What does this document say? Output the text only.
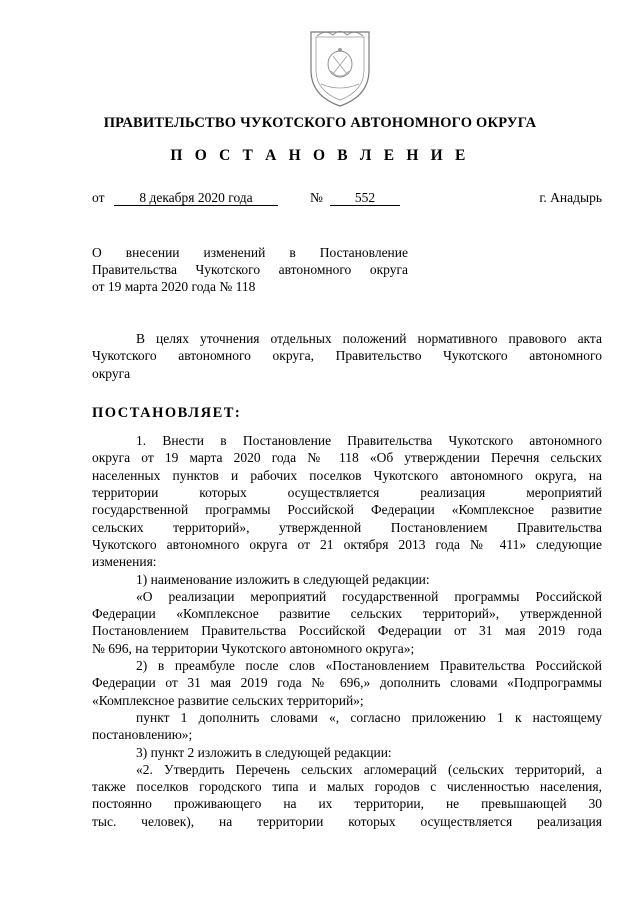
ПРАВИТЕЛЬСТВО ЧУКОТСКОГО АВТОНОМНОГО ОКРУГА
П О С Т А Н О В Л Е Н И Е
от	8 декабря 2020 года	№	552	г. Анадырь
О внесении изменений в Постановление
Правительства Чукотского автономного округа
от 19 марта 2020 года № 118
В целях уточнения отдельных положений нормативного правового акта
Чукотского автономного округа, Правительство Чукотского автономного
округа
ПОСТАНОВЛЯЕТ:
1. Внести в Постановление Правительства Чукотского автономного
округа от 19 марта 2020 года № 118 «Об утверждении Перечня сельских
населенных пунктов и рабочих поселков Чукотского автономного округа, на
территории которых осуществляется реализация мероприятий
государственной программы Российской Федерации «Комплексное развитие
сельских территорий», утвержденной Постановлением Правительства
Чукотского автономного округа от 21 октября 2013 года № 411» следующие
изменения:
1) наименование изложить в следующей редакции:
«О реализации мероприятий государственной программы Российской
Федерации «Комплексное развитие сельских территорий», утвержденной
Постановлением Правительства Российской Федерации от 31 мая 2019 года
№ 696, на территории Чукотского автономного округа»;
2) в преамбуле после слов «Постановлением Правительства Российской
Федерации от 31 мая 2019 года № 696,» дополнить словами «Подпрограммы
«Комплексное развитие сельских территорий»;
пункт 1 дополнить словами «, согласно приложению 1 к настоящему
постановлению»;
3) пункт 2 изложить в следующей редакции:
«2. Утвердить Перечень сельских агломераций (сельских территорий, а
также поселков городского типа и малых городов с численностью населения,
постоянно проживающего на их территории, не превышающей 30
тыс. человек), на территории которых осуществляется реализация
